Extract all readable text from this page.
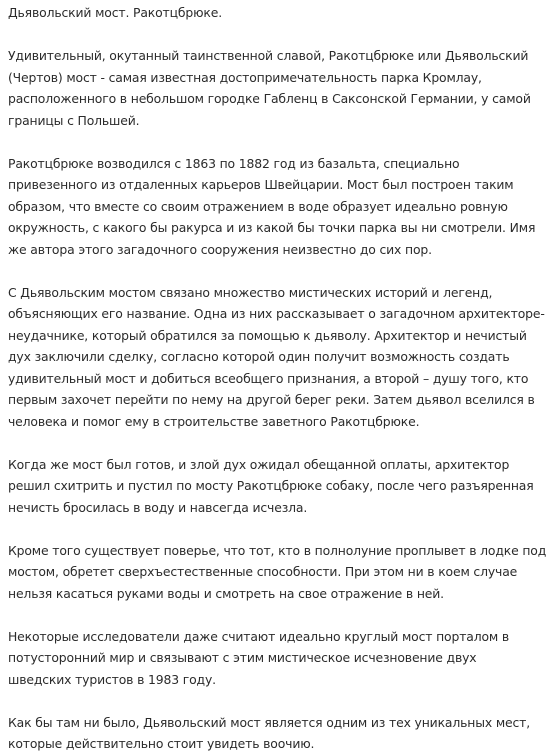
Дьявольский мост. Ракотцбрюке.

Удивительный, окутанный таинственной славой, Ракотцбрюке или Дьявольский
(Чертов) мост - самая известная достопримечательность парка Кромлау,
расположенного в небольшом городке Габленц в Саксонской Германии, у самой
границы с Польшей.

Ракотцбрюке возводился с 1863 по 1882 год из базальта, специально
привезенного из отдаленных карьеров Швейцарии. Мост был построен таким
образом, что вместе со своим отражением в воде образует идеально ровную
окружность, с какого бы ракурса и из какой бы точки парка вы ни смотрели. Имя
же автора этого загадочного сооружения неизвестно до сих пор.

С Дьявольским мостом связано множество мистических историй и легенд,
объясняющих его название. Одна из них рассказывает о загадочном архитекторе-
неудачнике, который обратился за помощью к дьяволу. Архитектор и нечистый
дух заключили сделку, согласно которой один получит возможность создать
удивительный мост и добиться всеобщего признания, а второй – душу того, кто
первым захочет перейти по нему на другой берег реки. Затем дьявол вселился в
человека и помог ему в строительстве заветного Ракотцбрюке.

Когда же мост был готов, и злой дух ожидал обещанной оплаты, архитектор
решил схитрить и пустил по мосту Ракотцбрюке собаку, после чего разъяренная
нечисть бросилась в воду и навсегда исчезла.

Кроме того существует поверье, что тот, кто в полнолуние проплывет в лодке под
мостом, обретет сверхъестественные способности. При этом ни в коем случае
нельзя касаться руками воды и смотреть на свое отражение в ней.

Некоторые исследователи даже считают идеально круглый мост порталом в
потусторонний мир и связывают с этим мистическое исчезновение двух
шведских туристов в 1983 году.

Как бы там ни было, Дьявольский мост является одним из тех уникальных мест,
которые действительно стоит увидеть воочию.
